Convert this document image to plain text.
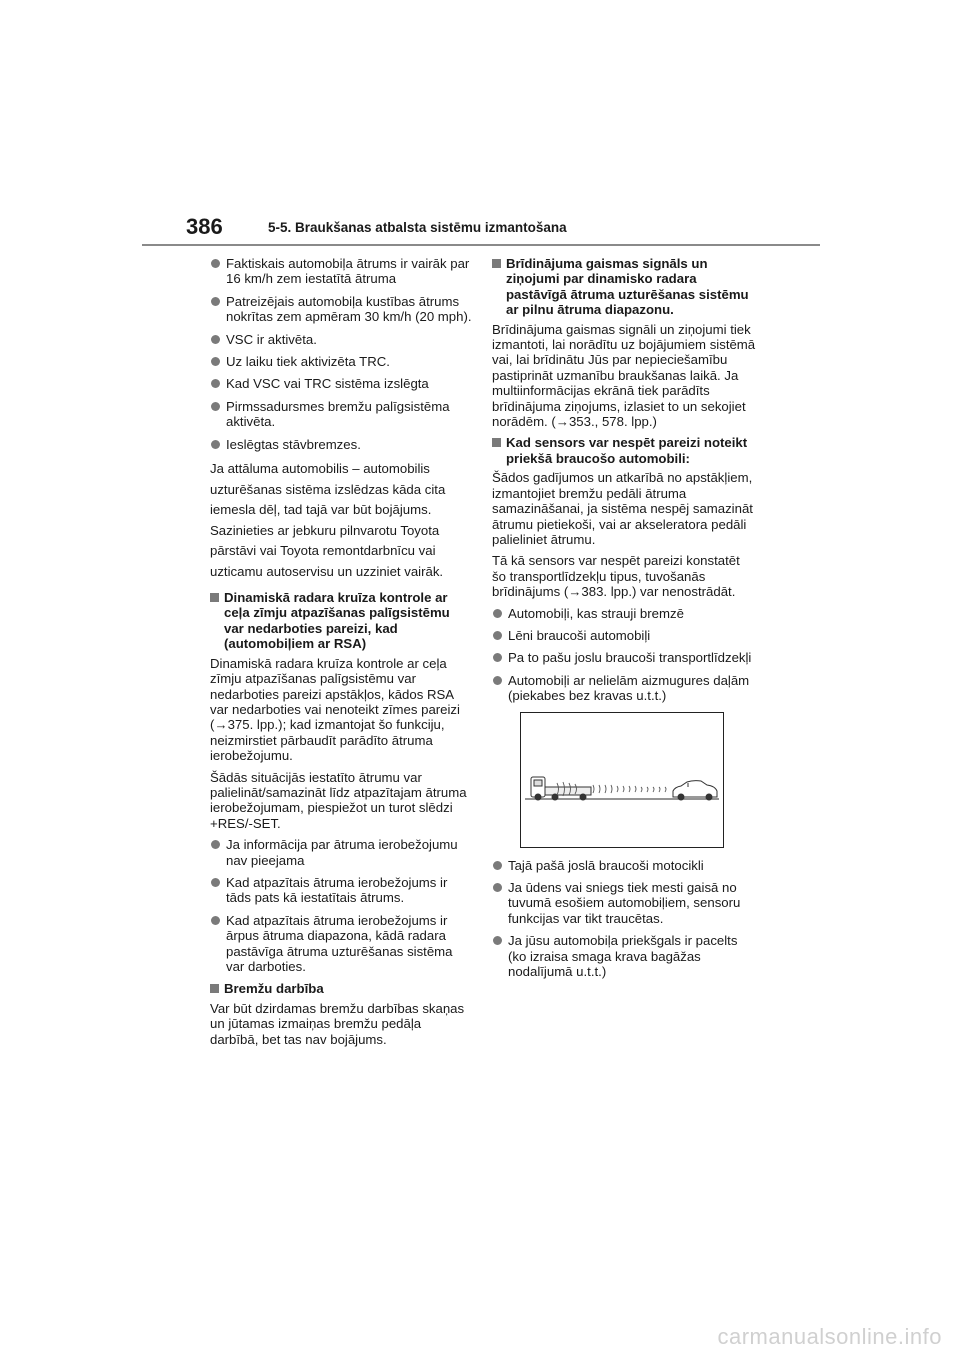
386	5-5. Braukšanas atbalsta sistēmu izmantošana
Faktiskais automobiļa ātrums ir vairāk par 16 km/h zem iestatītā ātruma
Patreizējais automobiļa kustības ātrums nokrītas zem apmēram 30 km/h (20 mph).
VSC ir aktivēta.
Uz laiku tiek aktivizēta TRC.
Kad VSC vai TRC sistēma izslēgta
Pirmssadursmes bremžu palīgsistēma aktivēta.
Ieslēgtas stāvbremzes.

Ja attāluma automobilis – automobilis uzturēšanas sistēma izslēdzas kāda cita iemesla dēļ, tad tajā var būt bojājums. Sazinieties ar jebkuru pilnvarotu Toyota pārstāvi vai Toyota remontdarbnīcu vai uzticamu autoservisu un uzziniet vairāk.

Dinamiskā radara kruīza kontrole ar ceļa zīmju atpazīšanas palīgsistēmu var nedarboties pareizi, kad (automobiļiem ar RSA)

Dinamiskā radara kruīza kontrole ar ceļa zīmju atpazīšanas palīgsistēmu var nedarboties pareizi apstākļos, kādos RSA var nedarboties vai nenoteikt zīmes pareizi (→375. lpp.); kad izmantojat šo funkciju, neizmirstiet pārbaudīt parādīto ātruma ierobežojumu.

Šādās situācijās iestatīto ātrumu var palielināt/samazināt līdz atpazītajam ātruma ierobežojumam, piespiežot un turot slēdzi +RES/-SET.

Ja informācija par ātruma ierobežojumu nav pieejama
Kad atpazītais ātruma ierobežojums ir tāds pats kā iestatītais ātrums.
Kad atpazītais ātruma ierobežojums ir ārpus ātruma diapazona, kādā radara pastāvīga ātruma uzturēšanas sistēma var darboties.
Bremžu darbība

Var būt dzirdamas bremžu darbības skaņas un jūtamas izmaiņas bremžu pedāļa darbībā, bet tas nav bojājums.

Brīdinājuma gaismas signāls un ziņojumi par dinamisko radara pastāvīgā ātruma uzturēšanas sistēmu ar pilnu ātruma diapazonu.

Brīdinājuma gaismas signāli un ziņojumi tiek izmantoti, lai norādītu uz bojājumiem sistēmā vai, lai brīdinātu Jūs par nepieciešamību pastiprināt uzmanību braukšanas laikā. Ja multiinformācijas ekrānā tiek parādīts brīdinājuma ziņojums, izlasiet to un sekojiet norādēm. (→353., 578. lpp.)

Kad sensors var nespēt pareizi noteikt priekšā braucošo automobili:

Šādos gadījumos un atkarībā no apstākļiem, izmantojiet bremžu pedāli ātruma samazināšanai, ja sistēma nespēj samazināt ātrumu pietiekoši, vai ar akseleratora pedāli palieliniet ātrumu.

Tā kā sensors var nespēt pareizi konstatēt šo transportlīdzekļu tipus, tuvošanās brīdinājums (→383. lpp.) var nenostrādāt.

Automobiļi, kas strauji bremzē
Lēni braucoši automobiļi
Pa to pašu joslu braucoši transportlīdzekļi
Automobiļi ar nelielām aizmugures daļām (piekabes bez kravas u.t.t.)
Tajā pašā joslā braucoši motocikli
Ja ūdens vai sniegs tiek mesti gaisā no tuvumā esošiem automobiļiem, sensoru funkcijas var tikt traucētas.
Ja jūsu automobiļa priekšgals ir pacelts (ko izraisa smaga krava bagāžas nodalījumā u.t.t.)
carmanualsonline.info
